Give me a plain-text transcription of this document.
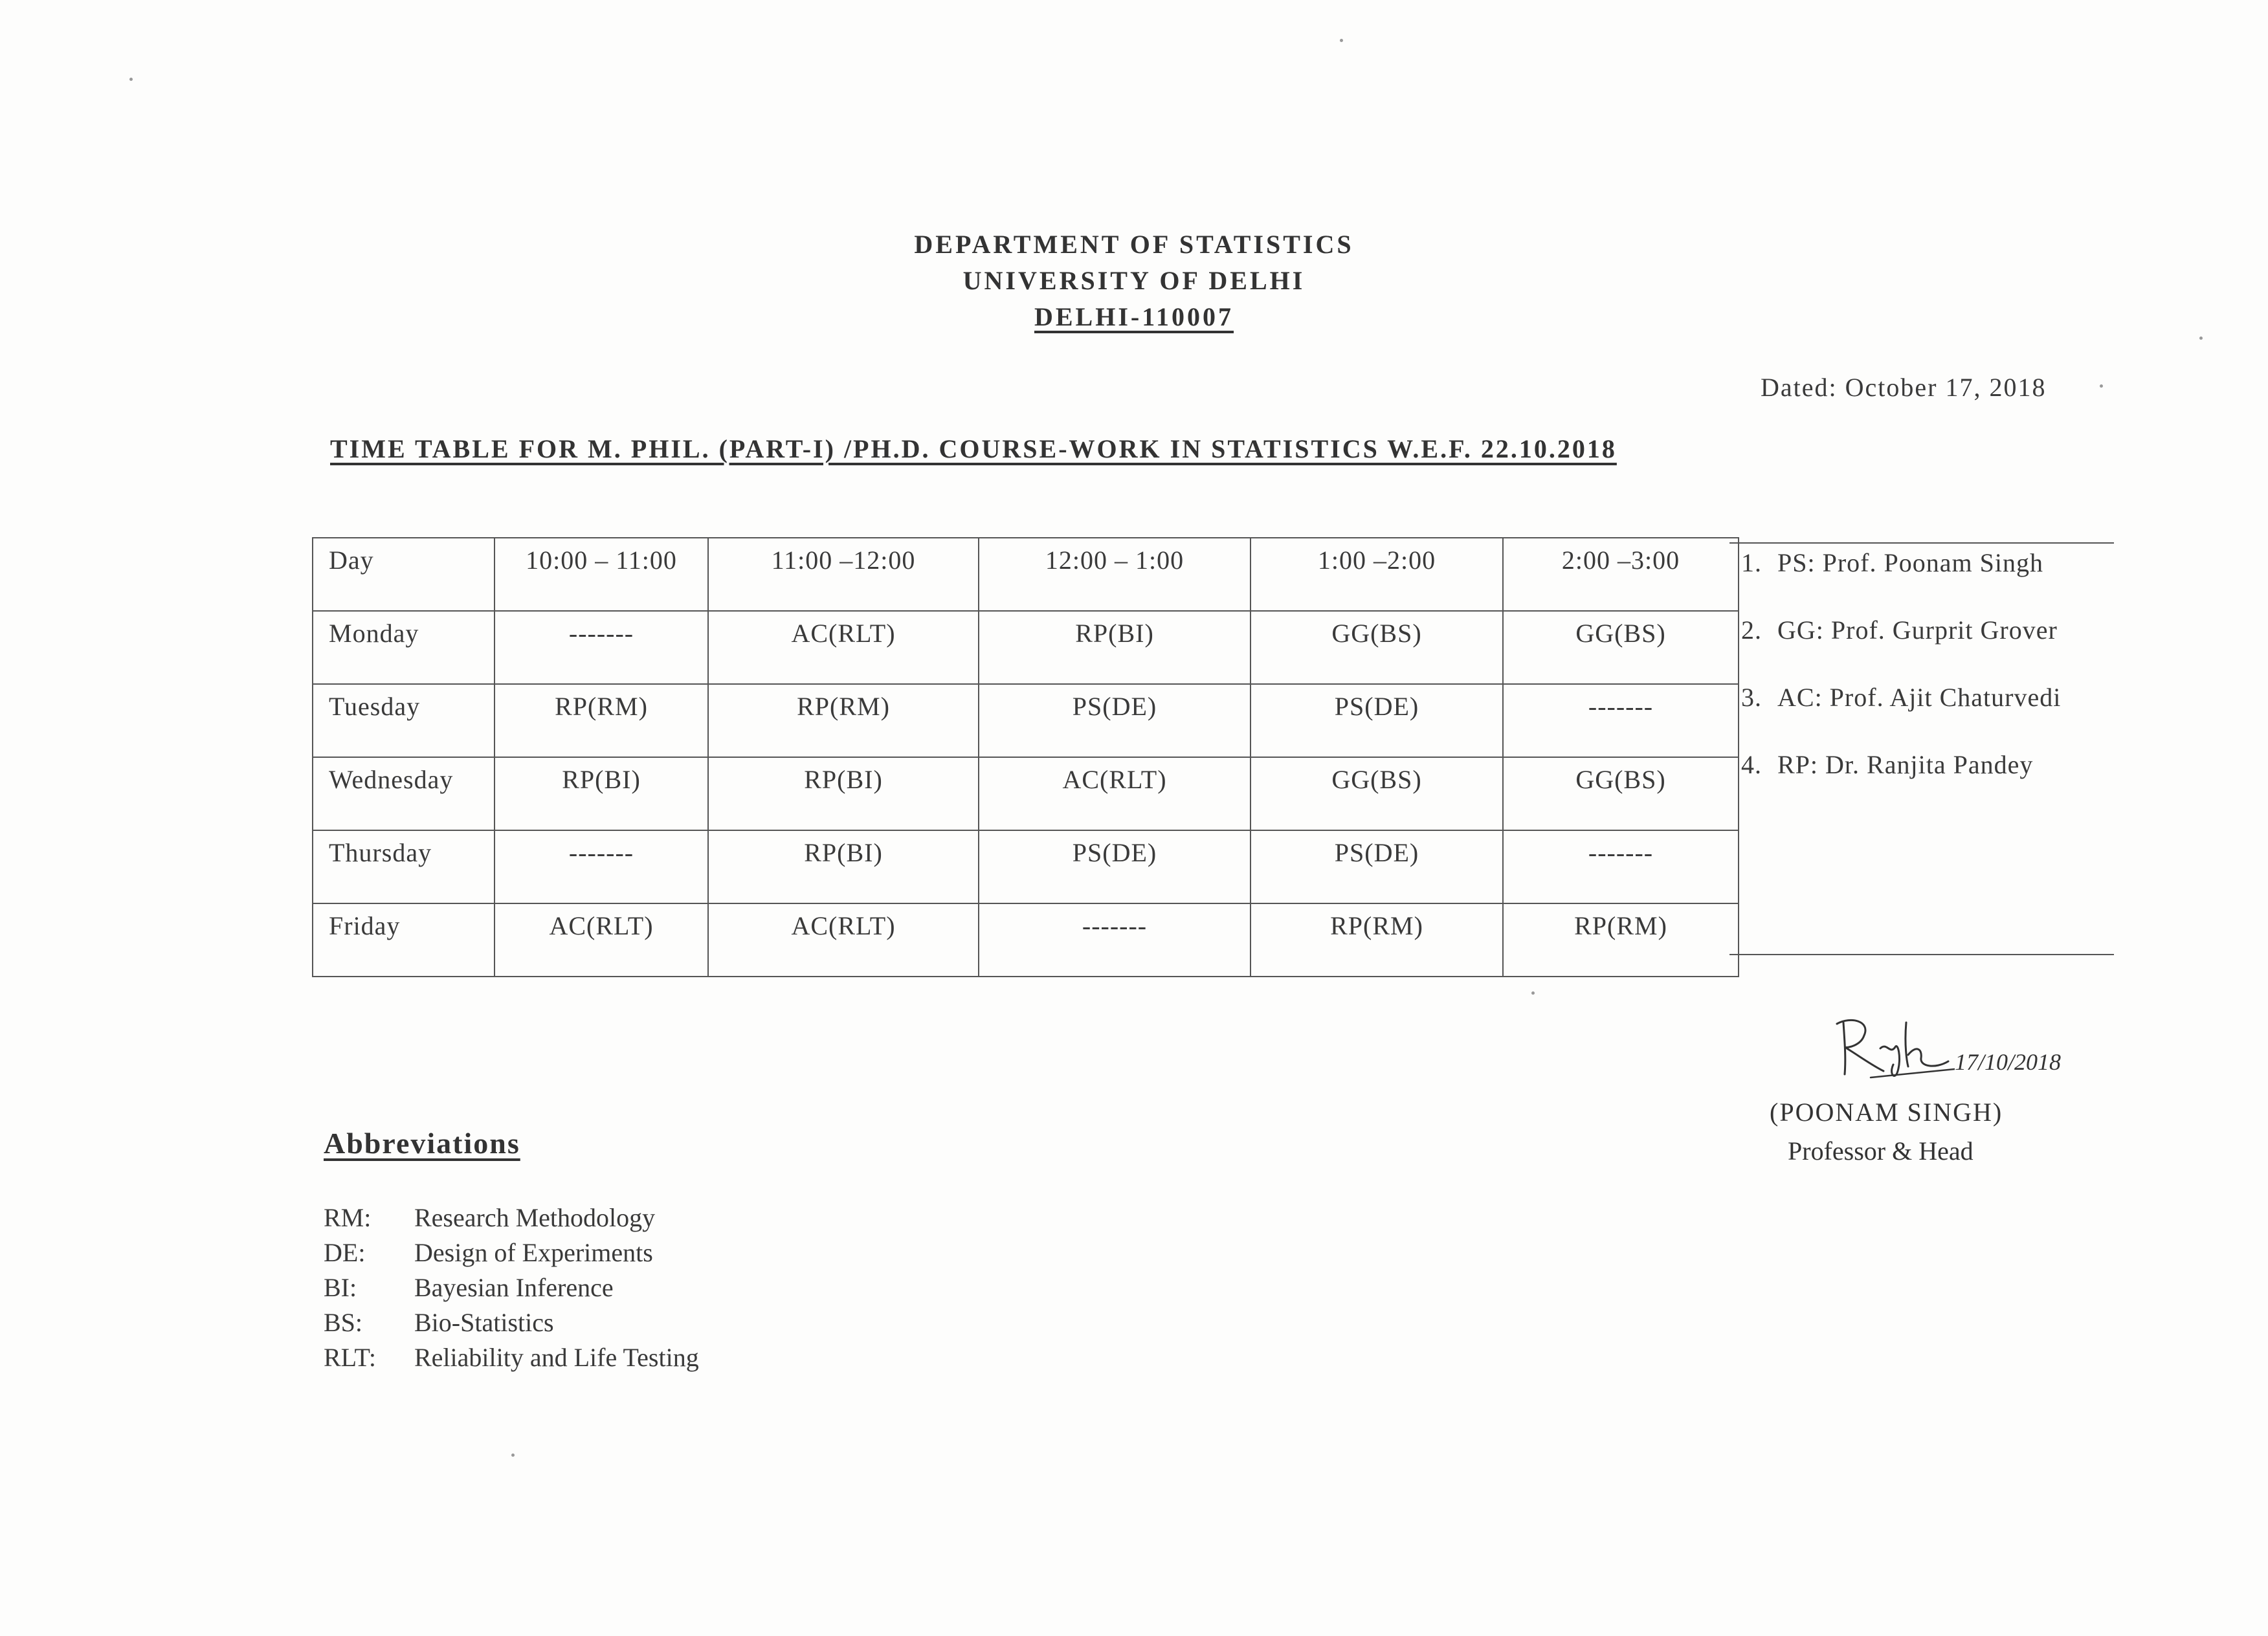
DEPARTMENT OF STATISTICS
UNIVERSITY OF DELHI
DELHI-110007
Dated: October 17, 2018
TIME TABLE FOR M. PHIL. (PART-I) /PH.D. COURSE-WORK IN STATISTICS W.E.F. 22.10.2018
Day	10:00 – 11:00	11:00 –12:00	12:00 – 1:00	1:00 –2:00	2:00 –3:00
Monday	-------	AC(RLT)	RP(BI)	GG(BS)	GG(BS)
Tuesday	RP(RM)	RP(RM)	PS(DE)	PS(DE)	-------
Wednesday	RP(BI)	RP(BI)	AC(RLT)	GG(BS)	GG(BS)
Thursday	-------	RP(BI)	PS(DE)	PS(DE)	-------
Friday	AC(RLT)	AC(RLT)	-------	RP(RM)	RP(RM)
1. PS: Prof. Poonam Singh
2. GG: Prof. Gurprit Grover
3. AC: Prof. Ajit Chaturvedi
4. RP: Dr. Ranjita Pandey
Abbreviations
RM: Research Methodology
DE: Design of Experiments
BI: Bayesian Inference
BS: Bio-Statistics
RLT: Reliability and Life Testing
17/10/2018
(POONAM SINGH)
Professor & Head
